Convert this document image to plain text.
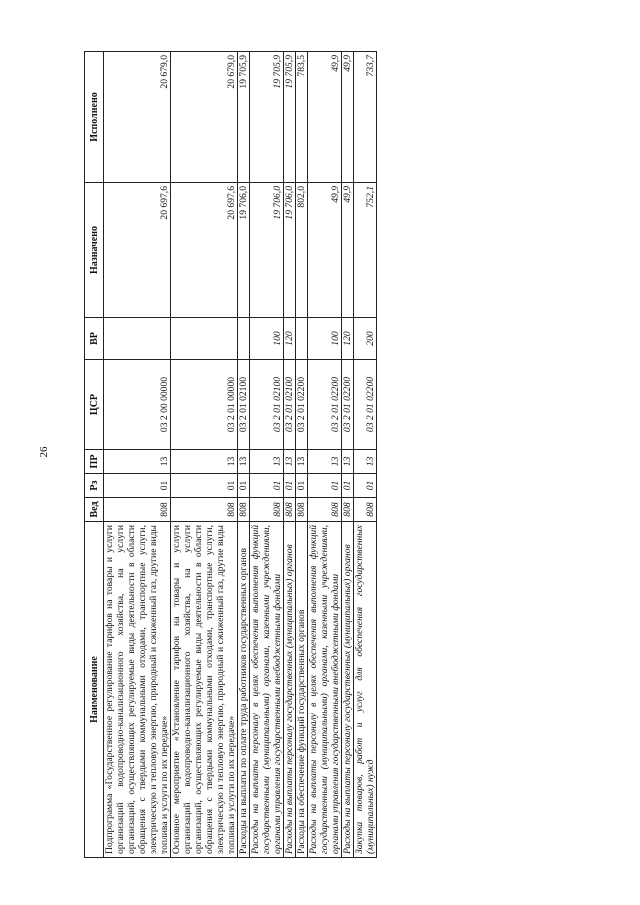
26
Наименование	Вед	Рз	ПР	ЦСР	ВР	Назначено	Исполнено
Подпрограмма «Государственное регулирование тарифов на товары и услуги организаций водопроводно-канализационного хозяйства, на услуги организаций, осуществляющих регулируемые виды деятельности в области обращения с твердыми коммунальными отходами, транспортные услуги, электрическую и тепловую энергию, природный и сжиженный газ, другие виды топлива и услуги по их передаче»	808	01	13	03 2 00 00000		20 697,6	20 679,0
Основное мероприятие «Установление тарифов на товары и услуги организаций водопроводно-канализационного хозяйства, на услуги организаций, осуществляющих регулируемые виды деятельности в области обращения с твердыми коммунальными отходами, транспортные услуги, электрическую и тепловую энергию, природный и сжиженный газ, другие виды топлива и услуги по их передаче»	808	01	13	03 2 01 00000		20 697,6	20 679,0
Расходы на выплаты по оплате труда работников государственных органов	808	01	13	03 2 01 02100		19 706,0	19 705,9
Расходы на выплаты персоналу в целях обеспечения выполнения функций государственными (муниципальными) органами, казенными учреждениями, органами управления государственными внебюджетными фондами	808	01	13	03 2 01 02100	100	19 706,0	19 705,9
Расходы на выплаты персоналу государственных (муниципальных) органов	808	01	13	03 2 01 02100	120	19 706,0	19 705,9
Расходы на обеспечение функций государственных органов	808	01	13	03 2 01 02200		802,0	783,5
Расходы на выплаты персоналу в целях обеспечения выполнения функций государственными (муниципальными) органами, казенными учреждениями, органами управления государственными внебюджетными фондами	808	01	13	03 2 01 02200	100	49,9	49,9
Расходы на выплаты персоналу государственных (муниципальных) органов	808	01	13	03 2 01 02200	120	49,9	49,9
Закупка товаров, работ и услуг для обеспечения государственных (муниципальных) нужд	808	01	13	03 2 01 02200	200	752,1	733,7
